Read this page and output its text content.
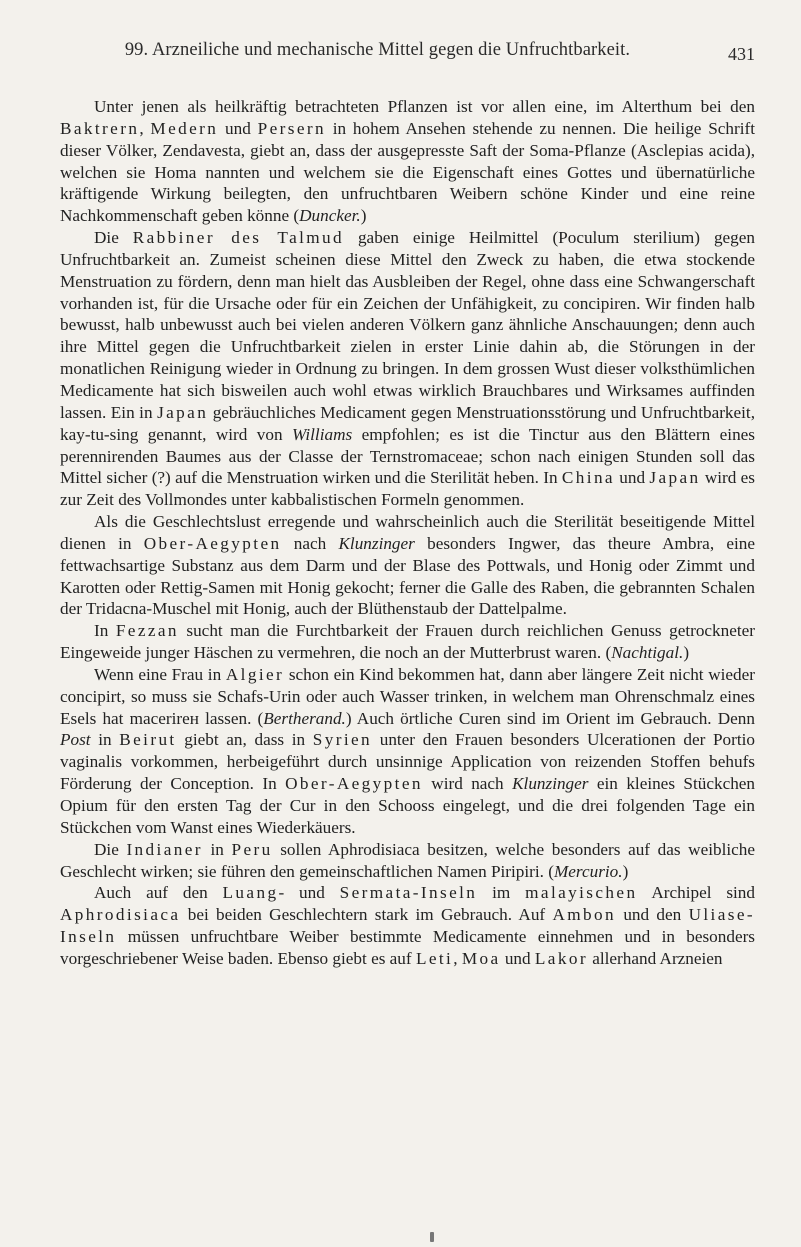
99. Arzneiliche und mechanische Mittel gegen die Unfruchtbarkeit.	431

Unter jenen als heilkräftig betrachteten Pflanzen ist vor allen eine, im Alterthum bei den Baktrern, Medern und Persern in hohem Ansehen stehende zu nennen. Die heilige Schrift dieser Völker, Zendavesta, giebt an, dass der ausgepresste Saft der Soma-Pflanze (Asclepias acida), welchen sie Homa nannten und welchem sie die Eigenschaft eines Gottes und übernatürliche kräftigende Wirkung beilegten, den unfruchtbaren Weibern schöne Kinder und eine reine Nachkommenschaft geben könne (Duncker.)

Die Rabbiner des Talmud gaben einige Heilmittel (Poculum sterilium) gegen Unfruchtbarkeit an. Zumeist scheinen diese Mittel den Zweck zu haben, die etwa stockende Menstruation zu fördern, denn man hielt das Ausbleiben der Regel, ohne dass eine Schwangerschaft vorhanden ist, für die Ursache oder für ein Zeichen der Unfähigkeit, zu concipiren. Wir finden halb bewusst, halb unbewusst auch bei vielen anderen Völkern ganz ähnliche Anschauungen; denn auch ihre Mittel gegen die Unfruchtbarkeit zielen in erster Linie dahin ab, die Störungen in der monatlichen Reinigung wieder in Ordnung zu bringen. In dem grossen Wust dieser volksthümlichen Medicamente hat sich bisweilen auch wohl etwas wirklich Brauchbares und Wirksames auffinden lassen. Ein in Japan gebräuchliches Medicament gegen Menstruationsstörung und Unfruchtbarkeit, kay-tu-sing genannt, wird von Williams empfohlen; es ist die Tinctur aus den Blättern eines perennirenden Baumes aus der Classe der Ternstromaceae; schon nach einigen Stunden soll das Mittel sicher (?) auf die Menstruation wirken und die Sterilität heben. In China und Japan wird es zur Zeit des Vollmondes unter kabbalistischen Formeln genommen.

Als die Geschlechtslust erregende und wahrscheinlich auch die Sterilität beseitigende Mittel dienen in Ober-Aegypten nach Klunzinger besonders Ingwer, das theure Ambra, eine fettwachsartige Substanz aus dem Darm und der Blase des Pottwals, und Honig oder Zimmt und Karotten oder Rettig-Samen mit Honig gekocht; ferner die Galle des Raben, die gebrannten Schalen der Tridacna-Muschel mit Honig, auch der Blüthenstaub der Dattelpalme.

In Fezzan sucht man die Furchtbarkeit der Frauen durch reichlichen Genuss getrockneter Eingeweide junger Häschen zu vermehren, die noch an der Mutterbrust waren. (Nachtigal.)

Wenn eine Frau in Algier schon ein Kind bekommen hat, dann aber längere Zeit nicht wieder concipirt, so muss sie Schafs-Urin oder auch Wasser trinken, in welchem man Ohrenschmalz eines Esels hat macerirен lassen. (Bertherand.) Auch örtliche Curen sind im Orient im Gebrauch. Denn Post in Beirut giebt an, dass in Syrien unter den Frauen besonders Ulcerationen der Portio vaginalis vorkommen, herbeigeführt durch unsinnige Application von reizenden Stoffen behufs Förderung der Conception. In Ober-Aegypten wird nach Klunzinger ein kleines Stückchen Opium für den ersten Tag der Cur in den Schooss eingelegt, und die drei folgenden Tage ein Stückchen vom Wanst eines Wiederkäuers.

Die Indianer in Peru sollen Aphrodisiaca besitzen, welche besonders auf das weibliche Geschlecht wirken; sie führen den gemeinschaftlichen Namen Piripiri. (Mercurio.)

Auch auf den Luang- und Sermata-Inseln im malayischen Archipel sind Aphrodisiaca bei beiden Geschlechtern stark im Gebrauch. Auf Ambon und den Uliase-Inseln müssen unfruchtbare Weiber bestimmte Medicamente einnehmen und in besonders vorgeschriebener Weise baden. Ebenso giebt es auf Leti, Moa und Lakor allerhand Arzneien
